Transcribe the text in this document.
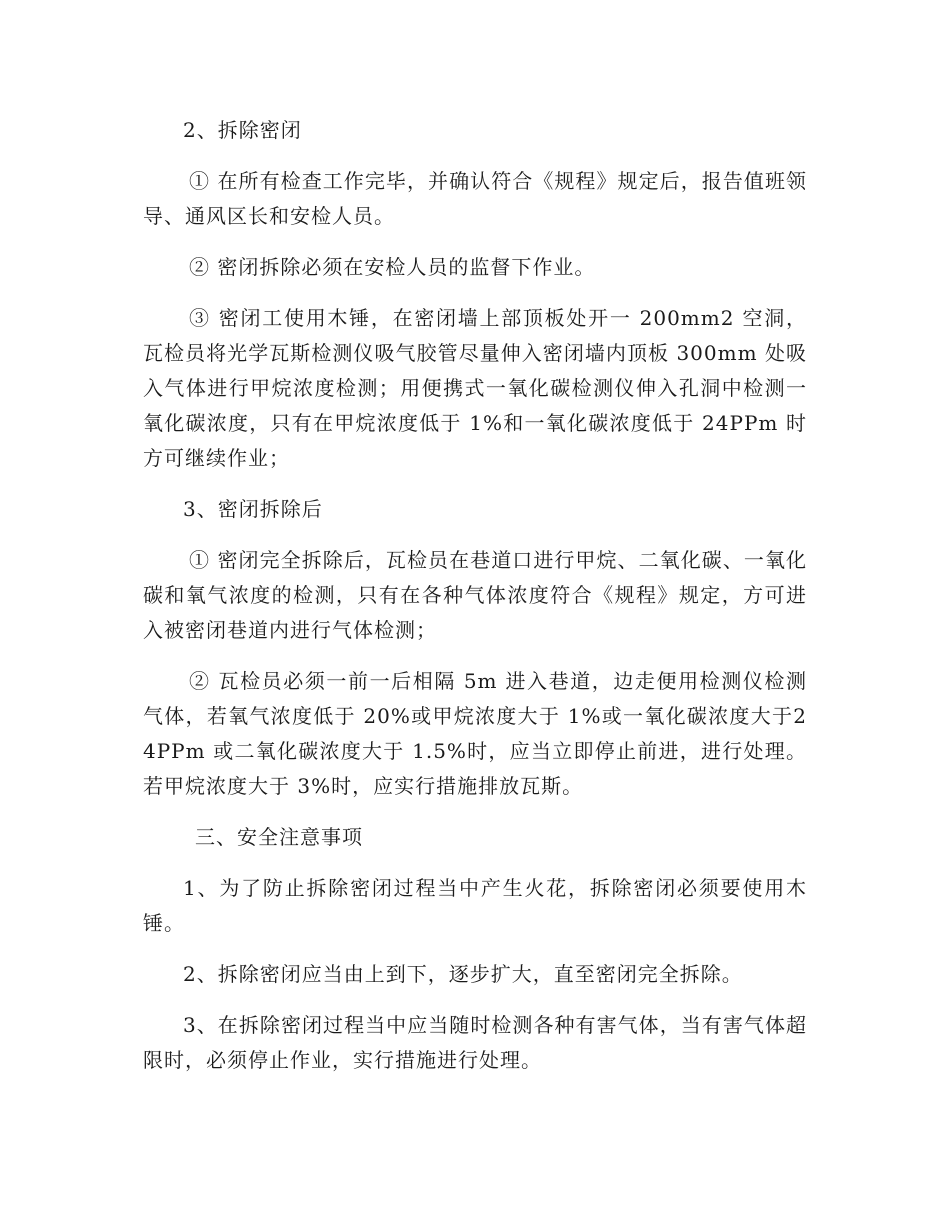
2、拆除密闭

① 在所有检查工作完毕，并确认符合《规程》规定后，报告值班领导、通风区长和安检人员。

② 密闭拆除必须在安检人员的监督下作业。

③ 密闭工使用木锤，在密闭墙上部顶板处开一 200mm2 空洞，瓦检员将光学瓦斯检测仪吸气胶管尽量伸入密闭墙内顶板 300mm 处吸入气体进行甲烷浓度检测；用便携式一氧化碳检测仪伸入孔洞中检测一氧化碳浓度，只有在甲烷浓度低于 1%和一氧化碳浓度低于 24PPm 时方可继续作业；

3、密闭拆除后

① 密闭完全拆除后，瓦检员在巷道口进行甲烷、二氧化碳、一氧化碳和氧气浓度的检测，只有在各种气体浓度符合《规程》规定，方可进入被密闭巷道内进行气体检测；

② 瓦检员必须一前一后相隔 5m 进入巷道，边走便用检测仪检测气体，若氧气浓度低于 20%或甲烷浓度大于 1%或一氧化碳浓度大于24PPm 或二氧化碳浓度大于 1.5%时，应当立即停止前进，进行处理。若甲烷浓度大于 3%时，应实行措施排放瓦斯。

三、安全注意事项

1、为了防止拆除密闭过程当中产生火花，拆除密闭必须要使用木锤。

2、拆除密闭应当由上到下，逐步扩大，直至密闭完全拆除。

3、在拆除密闭过程当中应当随时检测各种有害气体，当有害气体超限时，必须停止作业，实行措施进行处理。
